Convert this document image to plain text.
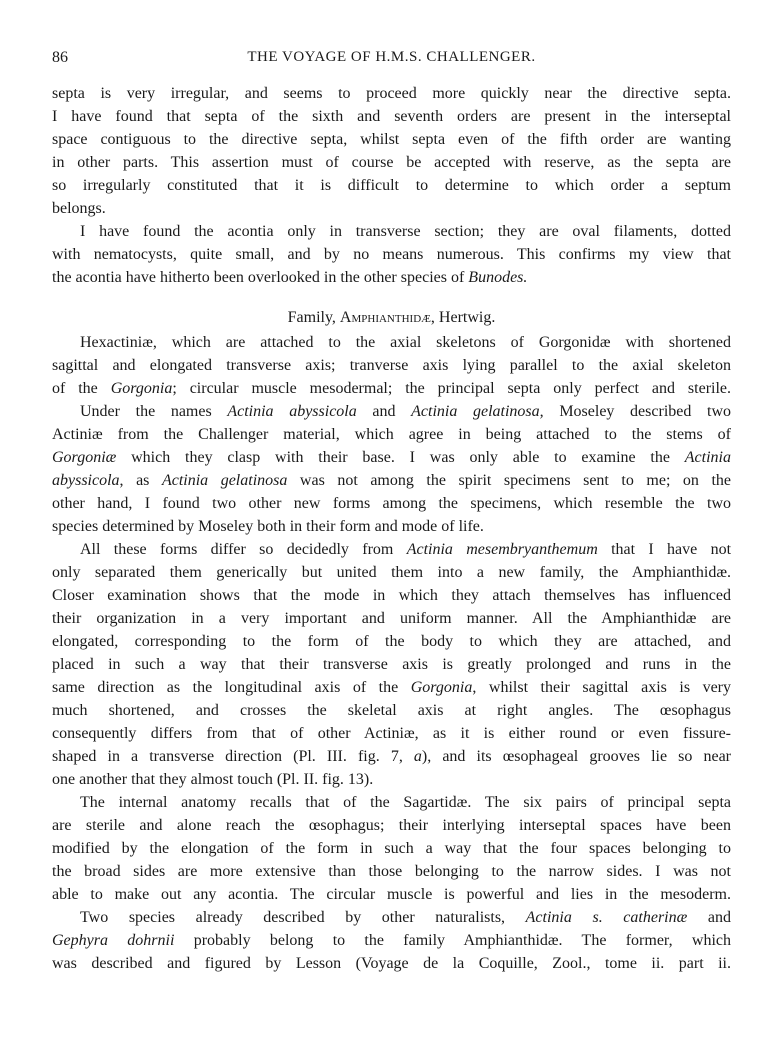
86	THE VOYAGE OF H.M.S. CHALLENGER.
septa is very irregular, and seems to proceed more quickly near the directive septa.
I have found that septa of the sixth and seventh orders are present in the interseptal
space contiguous to the directive septa, whilst septa even of the fifth order are wanting
in other parts. This assertion must of course be accepted with reserve, as the septa are
so irregularly constituted that it is difficult to determine to which order a septum
belongs.
I have found the acontia only in transverse section; they are oval filaments, dotted
with nematocysts, quite small, and by no means numerous. This confirms my view that
the acontia have hitherto been overlooked in the other species of Bunodes.
Family, Amphianthidæ, Hertwig.
Hexactiniæ, which are attached to the axial skeletons of Gorgonidæ with shortened
sagittal and elongated transverse axis; tranverse axis lying parallel to the axial skeleton
of the Gorgonia; circular muscle mesodermal; the principal septa only perfect and sterile.
Under the names Actinia abyssicola and Actinia gelatinosa, Moseley described two
Actiniæ from the Challenger material, which agree in being attached to the stems of
Gorgoniæ which they clasp with their base. I was only able to examine the Actinia
abyssicola, as Actinia gelatinosa was not among the spirit specimens sent to me; on the
other hand, I found two other new forms among the specimens, which resemble the two
species determined by Moseley both in their form and mode of life.
All these forms differ so decidedly from Actinia mesembryanthemum that I have not
only separated them generically but united them into a new family, the Amphianthidæ.
Closer examination shows that the mode in which they attach themselves has influenced
their organization in a very important and uniform manner. All the Amphianthidæ are
elongated, corresponding to the form of the body to which they are attached, and
placed in such a way that their transverse axis is greatly prolonged and runs in the
same direction as the longitudinal axis of the Gorgonia, whilst their sagittal axis is very
much shortened, and crosses the skeletal axis at right angles. The œsophagus
consequently differs from that of other Actiniæ, as it is either round or even fissure-
shaped in a transverse direction (Pl. III. fig. 7, a), and its œsophageal grooves lie so near
one another that they almost touch (Pl. II. fig. 13).
The internal anatomy recalls that of the Sagartidæ. The six pairs of principal septa
are sterile and alone reach the œsophagus; their interlying interseptal spaces have been
modified by the elongation of the form in such a way that the four spaces belonging to
the broad sides are more extensive than those belonging to the narrow sides. I was not
able to make out any acontia. The circular muscle is powerful and lies in the mesoderm.
Two species already described by other naturalists, Actinia s. catherinæ and
Gephyra dohrnii probably belong to the family Amphianthidæ. The former, which
was described and figured by Lesson (Voyage de la Coquille, Zool., tome ii. part ii.
